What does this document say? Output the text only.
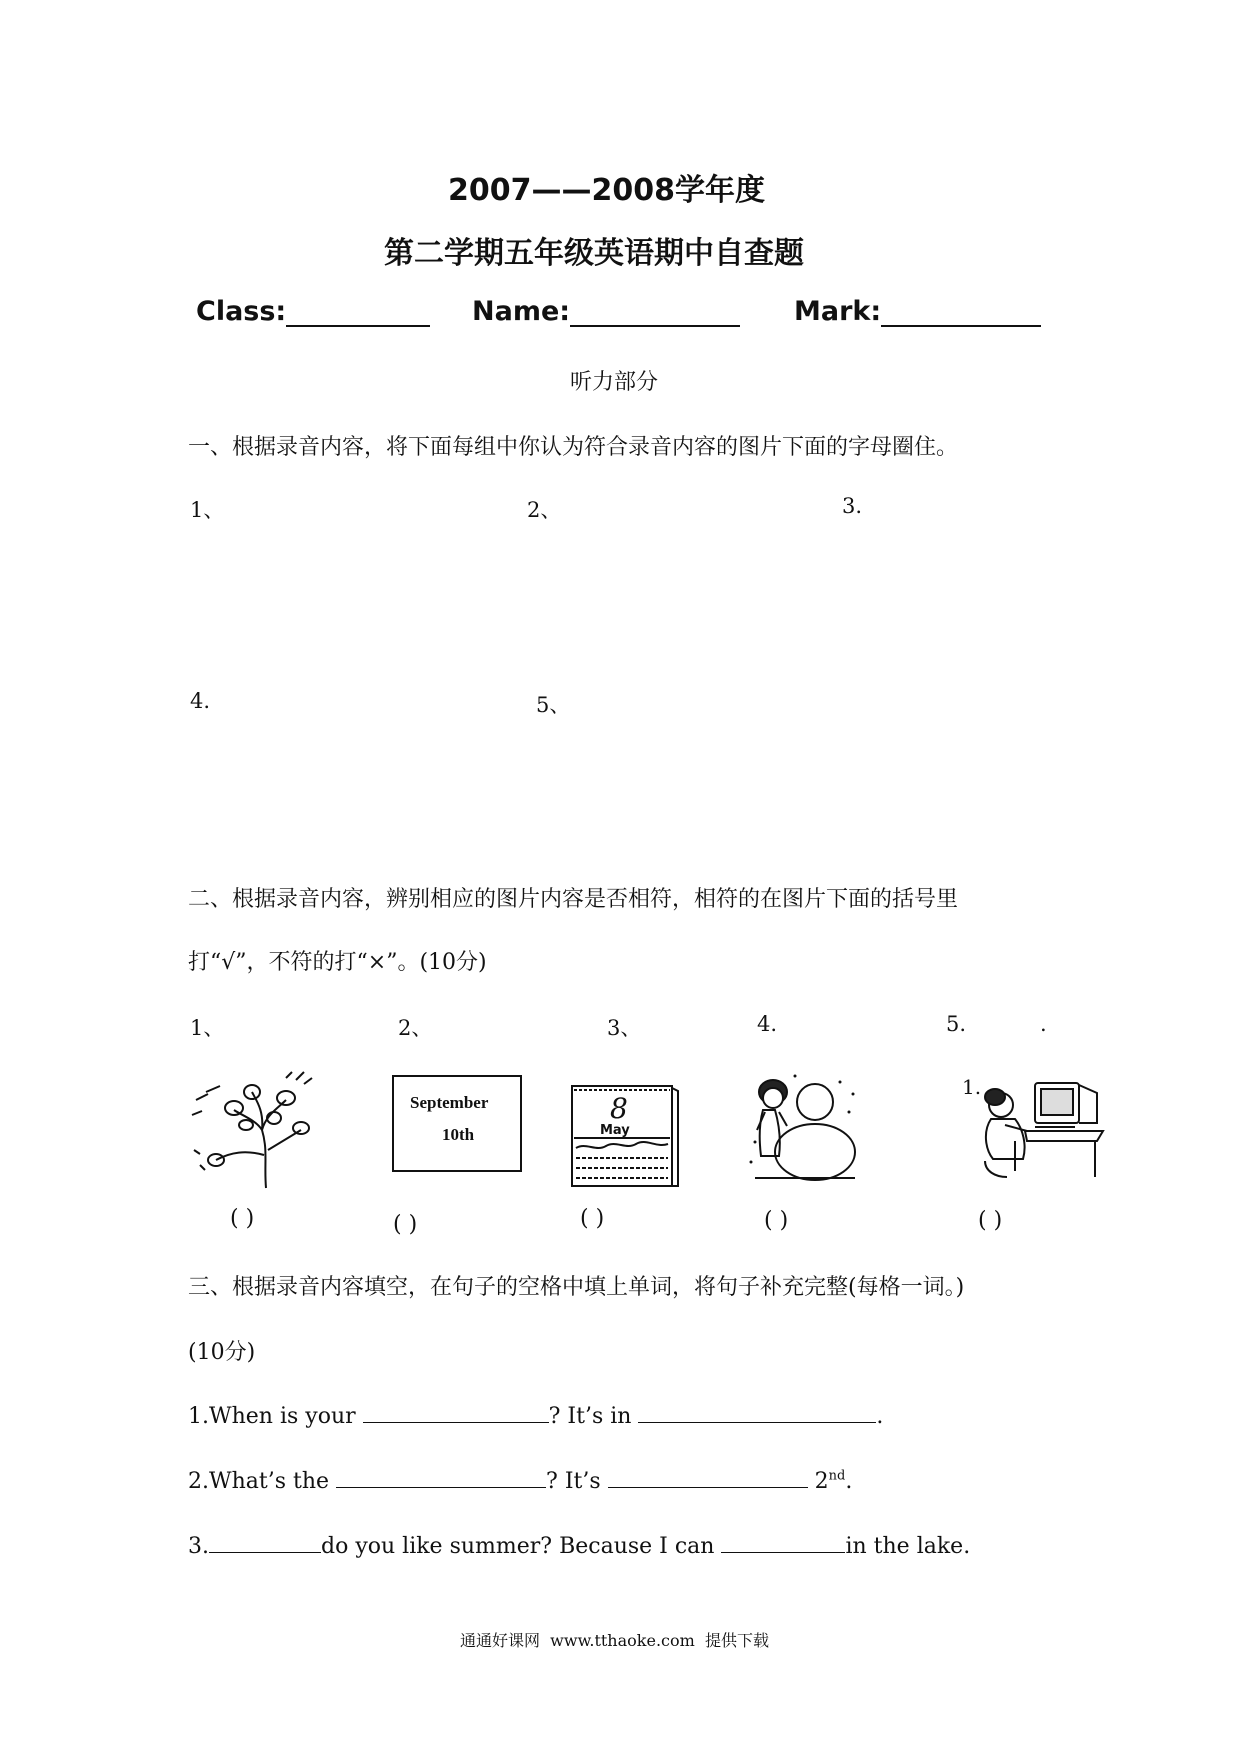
2007——2008学年度
第二学期五年级英语期中自查题
Class:	Name:	Mark:
听力部分
一、根据录音内容，将下面每组中你认为符合录音内容的图片下面的字母圈住。
1、	2、	3.
4.	5、
二、根据录音内容，辨别相应的图片内容是否相符，相符的在图片下面的括号里
打“√”，不符的打“×”。(10分)
1、	2、	3、	4.	5.	.
September
10th
8
May
1.
( )	( )	( )	( )	( )
三、根据录音内容填空，在句子的空格中填上单词，将句子补充完整(每格一词。)
(10分)
1.When is your	? It’s in	.
2.What’s the	? It’s	2nd.
3.	do you like summer? Because I can	in the lake.
通通好课网  www.tthaoke.com  提供下载
